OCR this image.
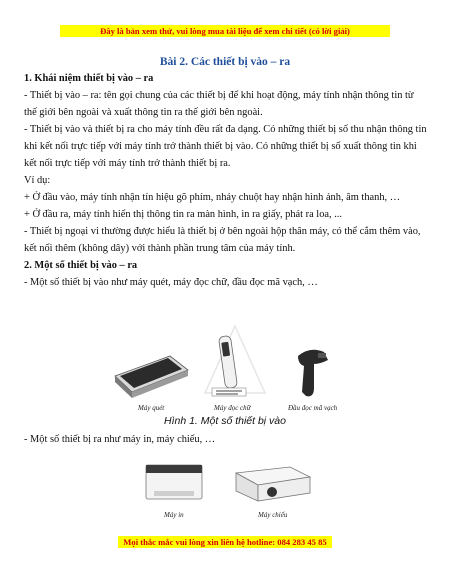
Đây là bản xem thử, vui lòng mua tài liệu để xem chi tiết (có lời giải)
Bài 2. Các thiết bị vào – ra

1. Khái niệm thiết bị vào – ra

- Thiết bị vào – ra: tên gọi chung của các thiết bị để khi hoạt động, máy tính nhận thông tin từ thế giới bên ngoài và xuất thông tin ra thế giới bên ngoài.

- Thiết bị vào và thiết bị ra cho máy tính đều rất đa dạng. Có những thiết bị số thu nhận thông tin khi kết nối trực tiếp với máy tính trở thành thiết bị vào. Có những thiết bị số xuất thông tin khi kết nối trực tiếp với máy tính trở thành thiết bị ra.

Ví dụ:

+ Ở đầu vào, máy tính nhận tín hiệu gõ phím, nháy chuột hay nhận hình ảnh, âm thanh, …

+ Ở đầu ra, máy tính hiển thị thông tin ra màn hình, in ra giấy, phát ra loa, ...

- Thiết bị ngoại vi thường được hiểu là thiết bị ở bên ngoài hộp thân máy, có thể cắm thêm vào, kết nối thêm (không dây) với thành phần trung tâm của máy tính.

2. Một số thiết bị vào – ra

- Một số thiết bị vào như máy quét, máy đọc chữ, đầu đọc mã vạch, …

Máy quét	Máy đọc chữ	Đầu đọc mã vạch
Hình 1. Một số thiết bị vào
- Một số thiết bị ra như máy in, máy chiếu, …
Máy in	Máy chiếu
Mọi thắc mắc vui lòng xin liên hệ hotline: 084 283 45 85
